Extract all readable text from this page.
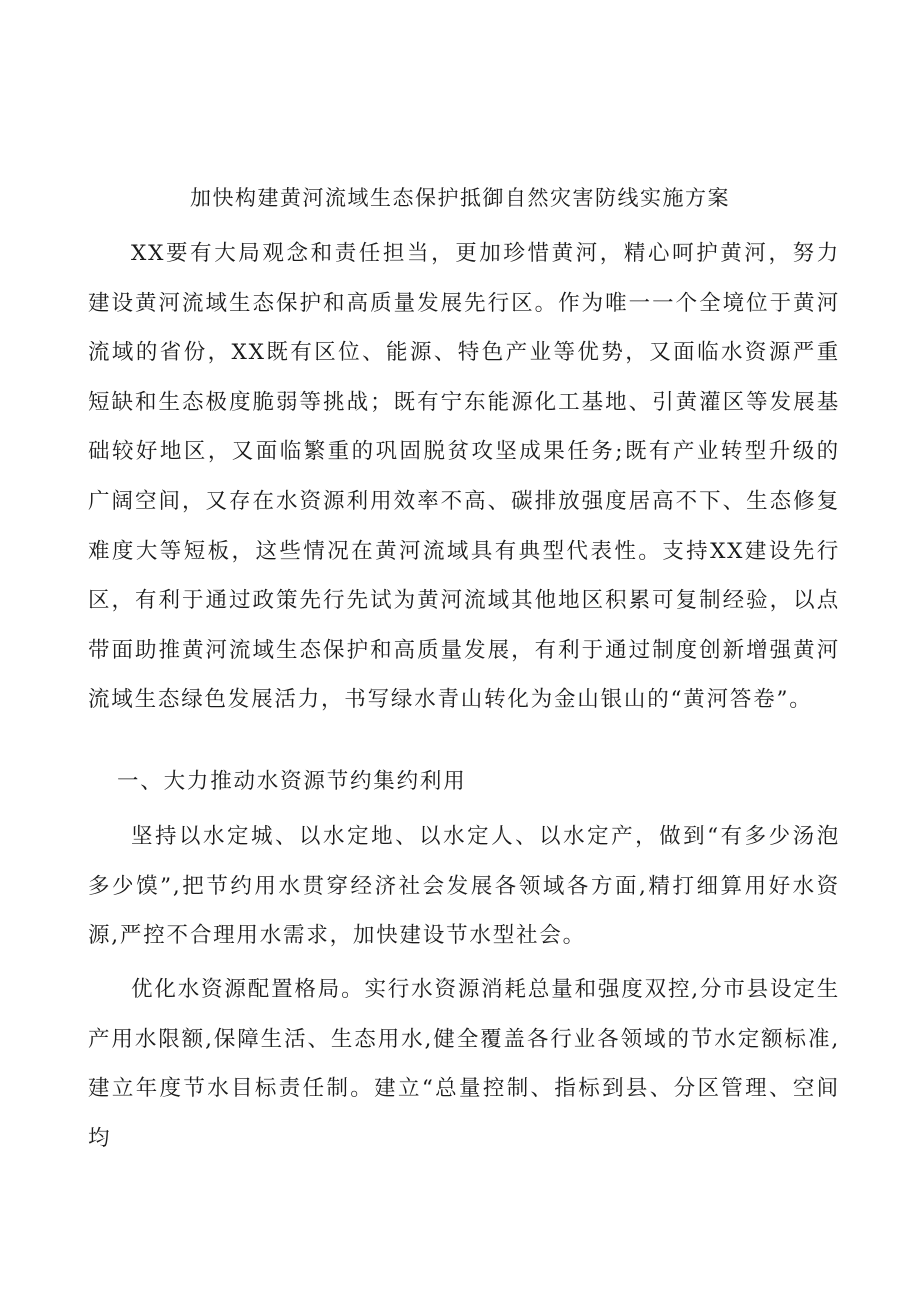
加快构建黄河流域生态保护抵御自然灾害防线实施方案

XX要有大局观念和责任担当，更加珍惜黄河，精心呵护黄河，努力建设黄河流域生态保护和高质量发展先行区。作为唯一一个全境位于黄河流域的省份，XX既有区位、能源、特色产业等优势，又面临水资源严重短缺和生态极度脆弱等挑战；既有宁东能源化工基地、引黄灌区等发展基础较好地区，又面临繁重的巩固脱贫攻坚成果任务;既有产业转型升级的广阔空间，又存在水资源利用效率不高、碳排放强度居高不下、生态修复难度大等短板，这些情况在黄河流域具有典型代表性。支持XX建设先行区，有利于通过政策先行先试为黄河流域其他地区积累可复制经验，以点带面助推黄河流域生态保护和高质量发展，有利于通过制度创新增强黄河流域生态绿色发展活力，书写绿水青山转化为金山银山的“黄河答卷”。

一、大力推动水资源节约集约利用

坚持以水定城、以水定地、以水定人、以水定产，做到“有多少汤泡多少馍”,把节约用水贯穿经济社会发展各领域各方面,精打细算用好水资源,严控不合理用水需求，加快建设节水型社会。

优化水资源配置格局。实行水资源消耗总量和强度双控,分市县设定生产用水限额,保障生活、生态用水,健全覆盖各行业各领域的节水定额标准,建立年度节水目标责任制。建立“总量控制、指标到县、分区管理、空间均
